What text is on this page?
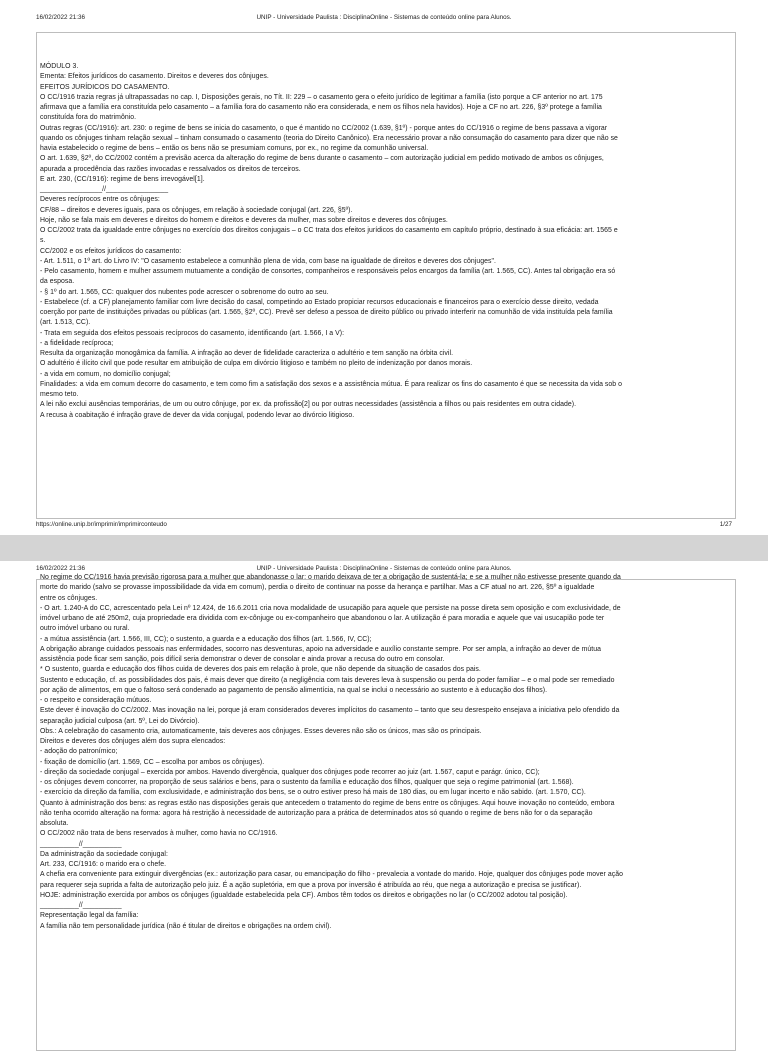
16/02/2022 21:36	UNIP - Universidade Paulista : DisciplinaOnline - Sistemas de conteúdo online para Alunos.

MÓDULO 3.

Ementa: Efeitos jurídicos do casamento. Direitos e deveres dos cônjuges.

EFEITOS JURÍDICOS DO CASAMENTO.

O CC/1916 trazia regras já ultrapassadas no cap. I, Disposições gerais, no Tít. II: 229 – o casamento gera o efeito jurídico de legitimar a família (isto porque a CF anterior no art. 175

afirmava que a família era constituída pelo casamento – a família fora do casamento não era considerada, e nem os filhos nela havidos). Hoje a CF no art. 226, §3º protege a família

constituída fora do matrimônio.

Outras regras (CC/1916): art. 230: o regime de bens se inicia do casamento, o que é mantido no CC/2002 (1.639, §1º) - porque antes do CC/1916 o regime de bens passava a vigorar

quando os cônjuges tinham relação sexual – tinham consumado o casamento (teoria do Direito Canônico). Era necessário provar a não consumação do casamento para dizer que não se

havia estabelecido o regime de bens – então os bens não se presumiam comuns, por ex., no regime da comunhão universal.

O art. 1.639, §2º, do CC/2002 contém a previsão acerca da alteração do regime de bens durante o casamento – com autorização judicial em pedido motivado de ambos os cônjuges,

apurada a procedência das razões invocadas e ressalvados os direitos de terceiros.

E art. 230, (CC/1916): regime de bens irrevogável[1].

________________//________________

Deveres recíprocos entre os cônjuges:

CF/88 – direitos e deveres iguais, para os cônjuges, em relação à sociedade conjugal (art. 226, §5º).

Hoje, não se fala mais em deveres e direitos do homem e direitos e deveres da mulher, mas sobre direitos e deveres dos cônjuges.

O CC/2002 trata da igualdade entre cônjuges no exercício dos direitos conjugais – o CC trata dos efeitos jurídicos do casamento em capítulo próprio, destinado à sua eficácia: art. 1565 e

s.

CC/2002 e os efeitos jurídicos do casamento:

- Art. 1.511, o 1º art. do Livro IV: "O casamento estabelece a comunhão plena de vida, com base na igualdade de direitos e deveres dos cônjuges".

- Pelo casamento, homem e mulher assumem mutuamente a condição de consortes, companheiros e responsáveis pelos encargos da família (art. 1.565, CC). Antes tal obrigação era só

da esposa.

- § 1º do art. 1.565, CC: qualquer dos nubentes pode acrescer o sobrenome do outro ao seu.

- Estabelece (cf. a CF) planejamento familiar com livre decisão do casal, competindo ao Estado propiciar recursos educacionais e financeiros para o exercício desse direito, vedada

coerção por parte de instituições privadas ou públicas (art. 1.565, §2º, CC). Prevê ser defeso a pessoa de direito público ou privado interferir na comunhão de vida instituída pela família

(art. 1.513, CC).

- Trata em seguida dos efeitos pessoais recíprocos do casamento, identificando (art. 1.566, I a V):

- a fidelidade recíproca;

Resulta da organização monogâmica da família. A infração ao dever de fidelidade caracteriza o adultério e tem sanção na órbita civil.

O adultério é ilícito civil que pode resultar em atribuição de culpa em divórcio litigioso e também no pleito de indenização por danos morais.

- a vida em comum, no domicílio conjugal;

Finalidades: a vida em comum decorre do casamento, e tem como fim a satisfação dos sexos e a assistência mútua. É para realizar os fins do casamento é que se necessita da vida sob o

mesmo teto.

A lei não exclui ausências temporárias, de um ou outro cônjuge, por ex. da profissão[2] ou por outras necessidades (assistência a filhos ou pais residentes em outra cidade).

A recusa à coabitação é infração grave de dever da vida conjugal, podendo levar ao divórcio litigioso.

https://online.unip.br/imprimir/imprimirconteudo	1/27
16/02/2022 21:36	UNIP - Universidade Paulista : DisciplinaOnline - Sistemas de conteúdo online para Alunos.

No regime do CC/1916 havia previsão rigorosa para a mulher que abandonasse o lar: o marido deixava de ter a obrigação de sustentá-la; e se a mulher não estivesse presente quando da

morte do marido (salvo se provasse impossibilidade da vida em comum), perdia o direito de continuar na posse da herança e partilhar. Mas a CF atual no art. 226, §5º a igualdade

entre os cônjuges.

- O art. 1.240-A do CC, acrescentado pela Lei nº 12.424, de 16.6.2011 cria nova modalidade de usucapião para aquele que persiste na posse direta sem oposição e com exclusividade, de

imóvel urbano de até 250m2, cuja propriedade era dividida com ex-cônjuge ou ex-companheiro que abandonou o lar. A utilização é para moradia e aquele que vai usucapião pode ter

outro imóvel urbano ou rural.

- a mútua assistência (art. 1.566, III, CC); o sustento, a guarda e a educação dos filhos (art. 1.566, IV, CC);

A obrigação abrange cuidados pessoais nas enfermidades, socorro nas desventuras, apoio na adversidade e auxílio constante sempre. Por ser ampla, a infração ao dever de mútua

assistência pode ficar sem sanção, pois difícil seria demonstrar o dever de consolar e ainda provar a recusa do outro em consolar.

* O sustento, guarda e educação dos filhos cuida de deveres dos pais em relação à prole, que não depende da situação de casados dos pais.

Sustento e educação, cf. as possibilidades dos pais, é mais dever que direito (a negligência com tais deveres leva à suspensão ou perda do poder familiar – e o mal pode ser remediado

por ação de alimentos, em que o faltoso será condenado ao pagamento de pensão alimentícia, na qual se inclui o necessário ao sustento e à educação dos filhos).

- o respeito e consideração mútuos.

Este dever é inovação do CC/2002. Mas inovação na lei, porque já eram considerados deveres implícitos do casamento – tanto que seu desrespeito ensejava a iniciativa pelo ofendido da

separação judicial culposa (art. 5º, Lei do Divórcio).

Obs.: A celebração do casamento cria, automaticamente, tais deveres aos cônjuges. Esses deveres não são os únicos, mas são os principais.

Direitos e deveres dos cônjuges além dos supra elencados:

- adoção do patronímico;

- fixação de domicílio (art. 1.569, CC – escolha por ambos os cônjuges).

- direção da sociedade conjugal – exercida por ambos. Havendo divergência, qualquer dos cônjuges pode recorrer ao juiz (art. 1.567, caput e parágr. único, CC);

- os cônjuges devem concorrer, na proporção de seus salários e bens, para o sustento da família e educação dos filhos, qualquer que seja o regime patrimonial (art. 1.568).

- exercício da direção da família, com exclusividade, e administração dos bens, se o outro estiver preso há mais de 180 dias, ou em lugar incerto e não sabido. (art. 1.570, CC).

Quanto à administração dos bens: as regras estão nas disposições gerais que antecedem o tratamento do regime de bens entre os cônjuges. Aqui houve inovação no conteúdo, embora

não tenha ocorrido alteração na forma: agora há restrição à necessidade de autorização para a prática de determinados atos só quando o regime de bens não for o da separação

absoluta.

O CC/2002 não trata de bens reservados à mulher, como havia no CC/1916.

__________//__________

Da administração da sociedade conjugal:

Art. 233, CC/1916: o marido era o chefe.

A chefia era conveniente para extinguir divergências (ex.: autorização para casar, ou emancipação do filho - prevalecia a vontade do marido. Hoje, qualquer dos cônjuges pode mover ação

para requerer seja suprida a falta de autorização pelo juiz. É a ação supletória, em que a prova por inversão é atribuída ao réu, que nega a autorização e precisa se justificar).

HOJE: administração exercida por ambos os cônjuges (igualdade estabelecida pela CF). Ambos têm todos os direitos e obrigações no lar (o CC/2002 adotou tal posição).

__________//__________

Representação legal da família:

A família não tem personalidade jurídica (não é titular de direitos e obrigações na ordem civil).
